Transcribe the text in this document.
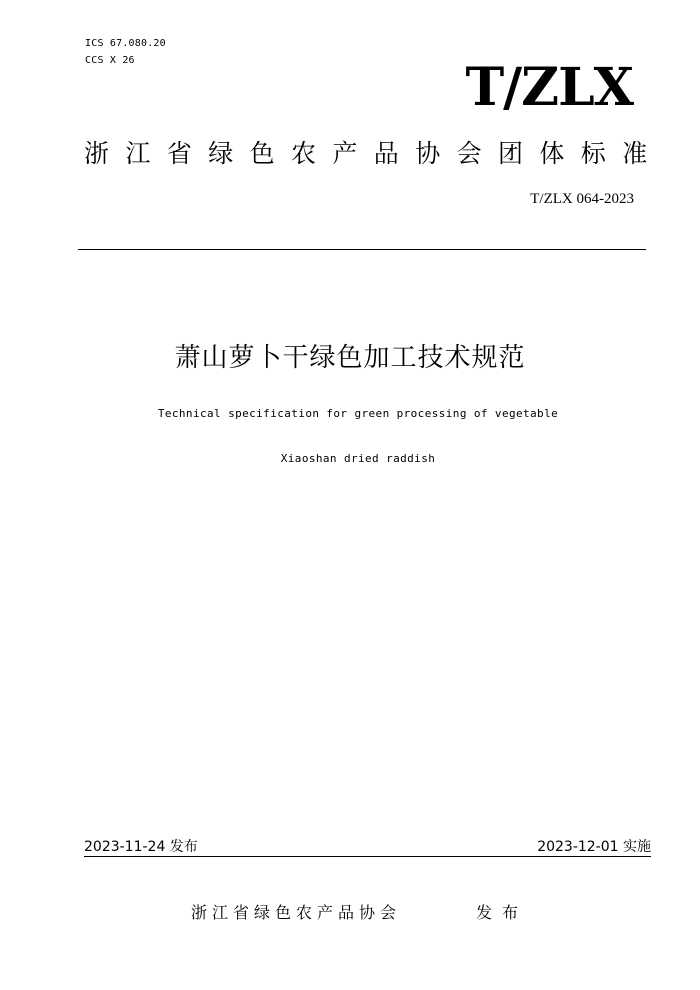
ICS 67.080.20
CCS X 26	T/ZLX
浙江省绿色农产品协会团体标准
T/ZLX 064-2023
萧山萝卜干绿色加工技术规范
Technical specification for green processing of vegetable
Xiaoshan dried raddish
2023-11-24 发布	2023-12-01 实施
浙江省绿色农产品协会	发布
